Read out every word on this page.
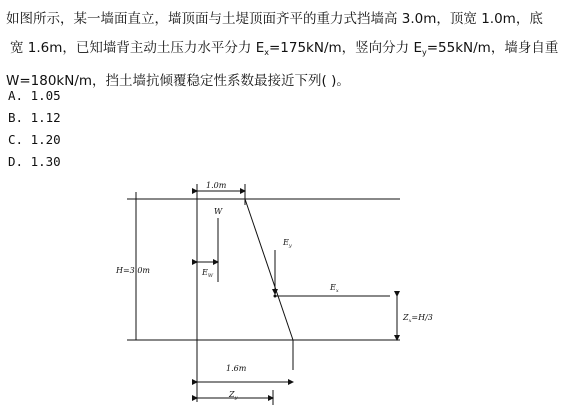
如图所示，某一墙面直立，墙顶面与土堤顶面齐平的重力式挡墙高 3.0m，顶宽 1.0m，底
宽 1.6m，已知墙背主动土压力水平分力 $E_x=175kN/m$，竖向分力 $E_y=55kN/m$，墙身自重
W=180kN/m，挡土墙抗倾覆稳定性系数最接近下列( )。
A. 1.05
B. 1.12
C. 1.20
D. 1.30
1.0m
W
H=3.0m	$E_W$
$E_y$
$E_x$
$Z_x=H/3$
1.6m
$Z_y$
